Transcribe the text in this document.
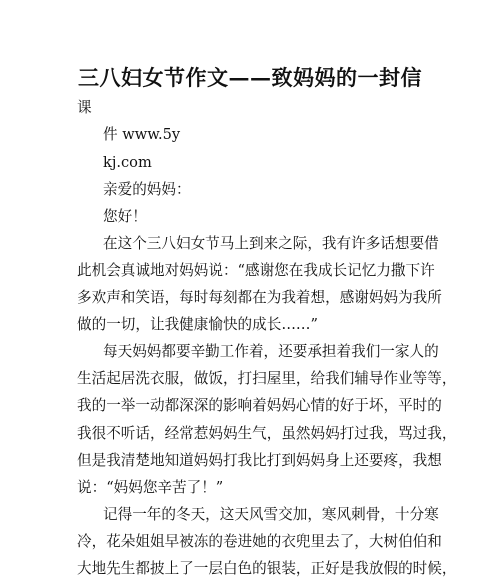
三八妇女节作文——致妈妈的一封信
课
件 www.5y
kj.com
亲爱的妈妈：
您好！
在这个三八妇女节马上到来之际，我有许多话想要借
此机会真诚地对妈妈说：“感谢您在我成长记忆力撒下许
多欢声和笑语，每时每刻都在为我着想，感谢妈妈为我所
做的一切，让我健康愉快的成长……”
每天妈妈都要辛勤工作着，还要承担着我们一家人的
生活起居洗衣服，做饭，打扫屋里，给我们辅导作业等等，
我的一举一动都深深的影响着妈妈心情的好于坏，平时的
我很不听话，经常惹妈妈生气，虽然妈妈打过我，骂过我，
但是我清楚地知道妈妈打我比打到妈妈身上还要疼，我想
说：“妈妈您辛苦了！”
记得一年的冬天，这天风雪交加，寒风刺骨，十分寒
冷，花朵姐姐早被冻的卷进她的衣兜里去了，大树伯伯和
大地先生都披上了一层白色的银装，正好是我放假的时候，
